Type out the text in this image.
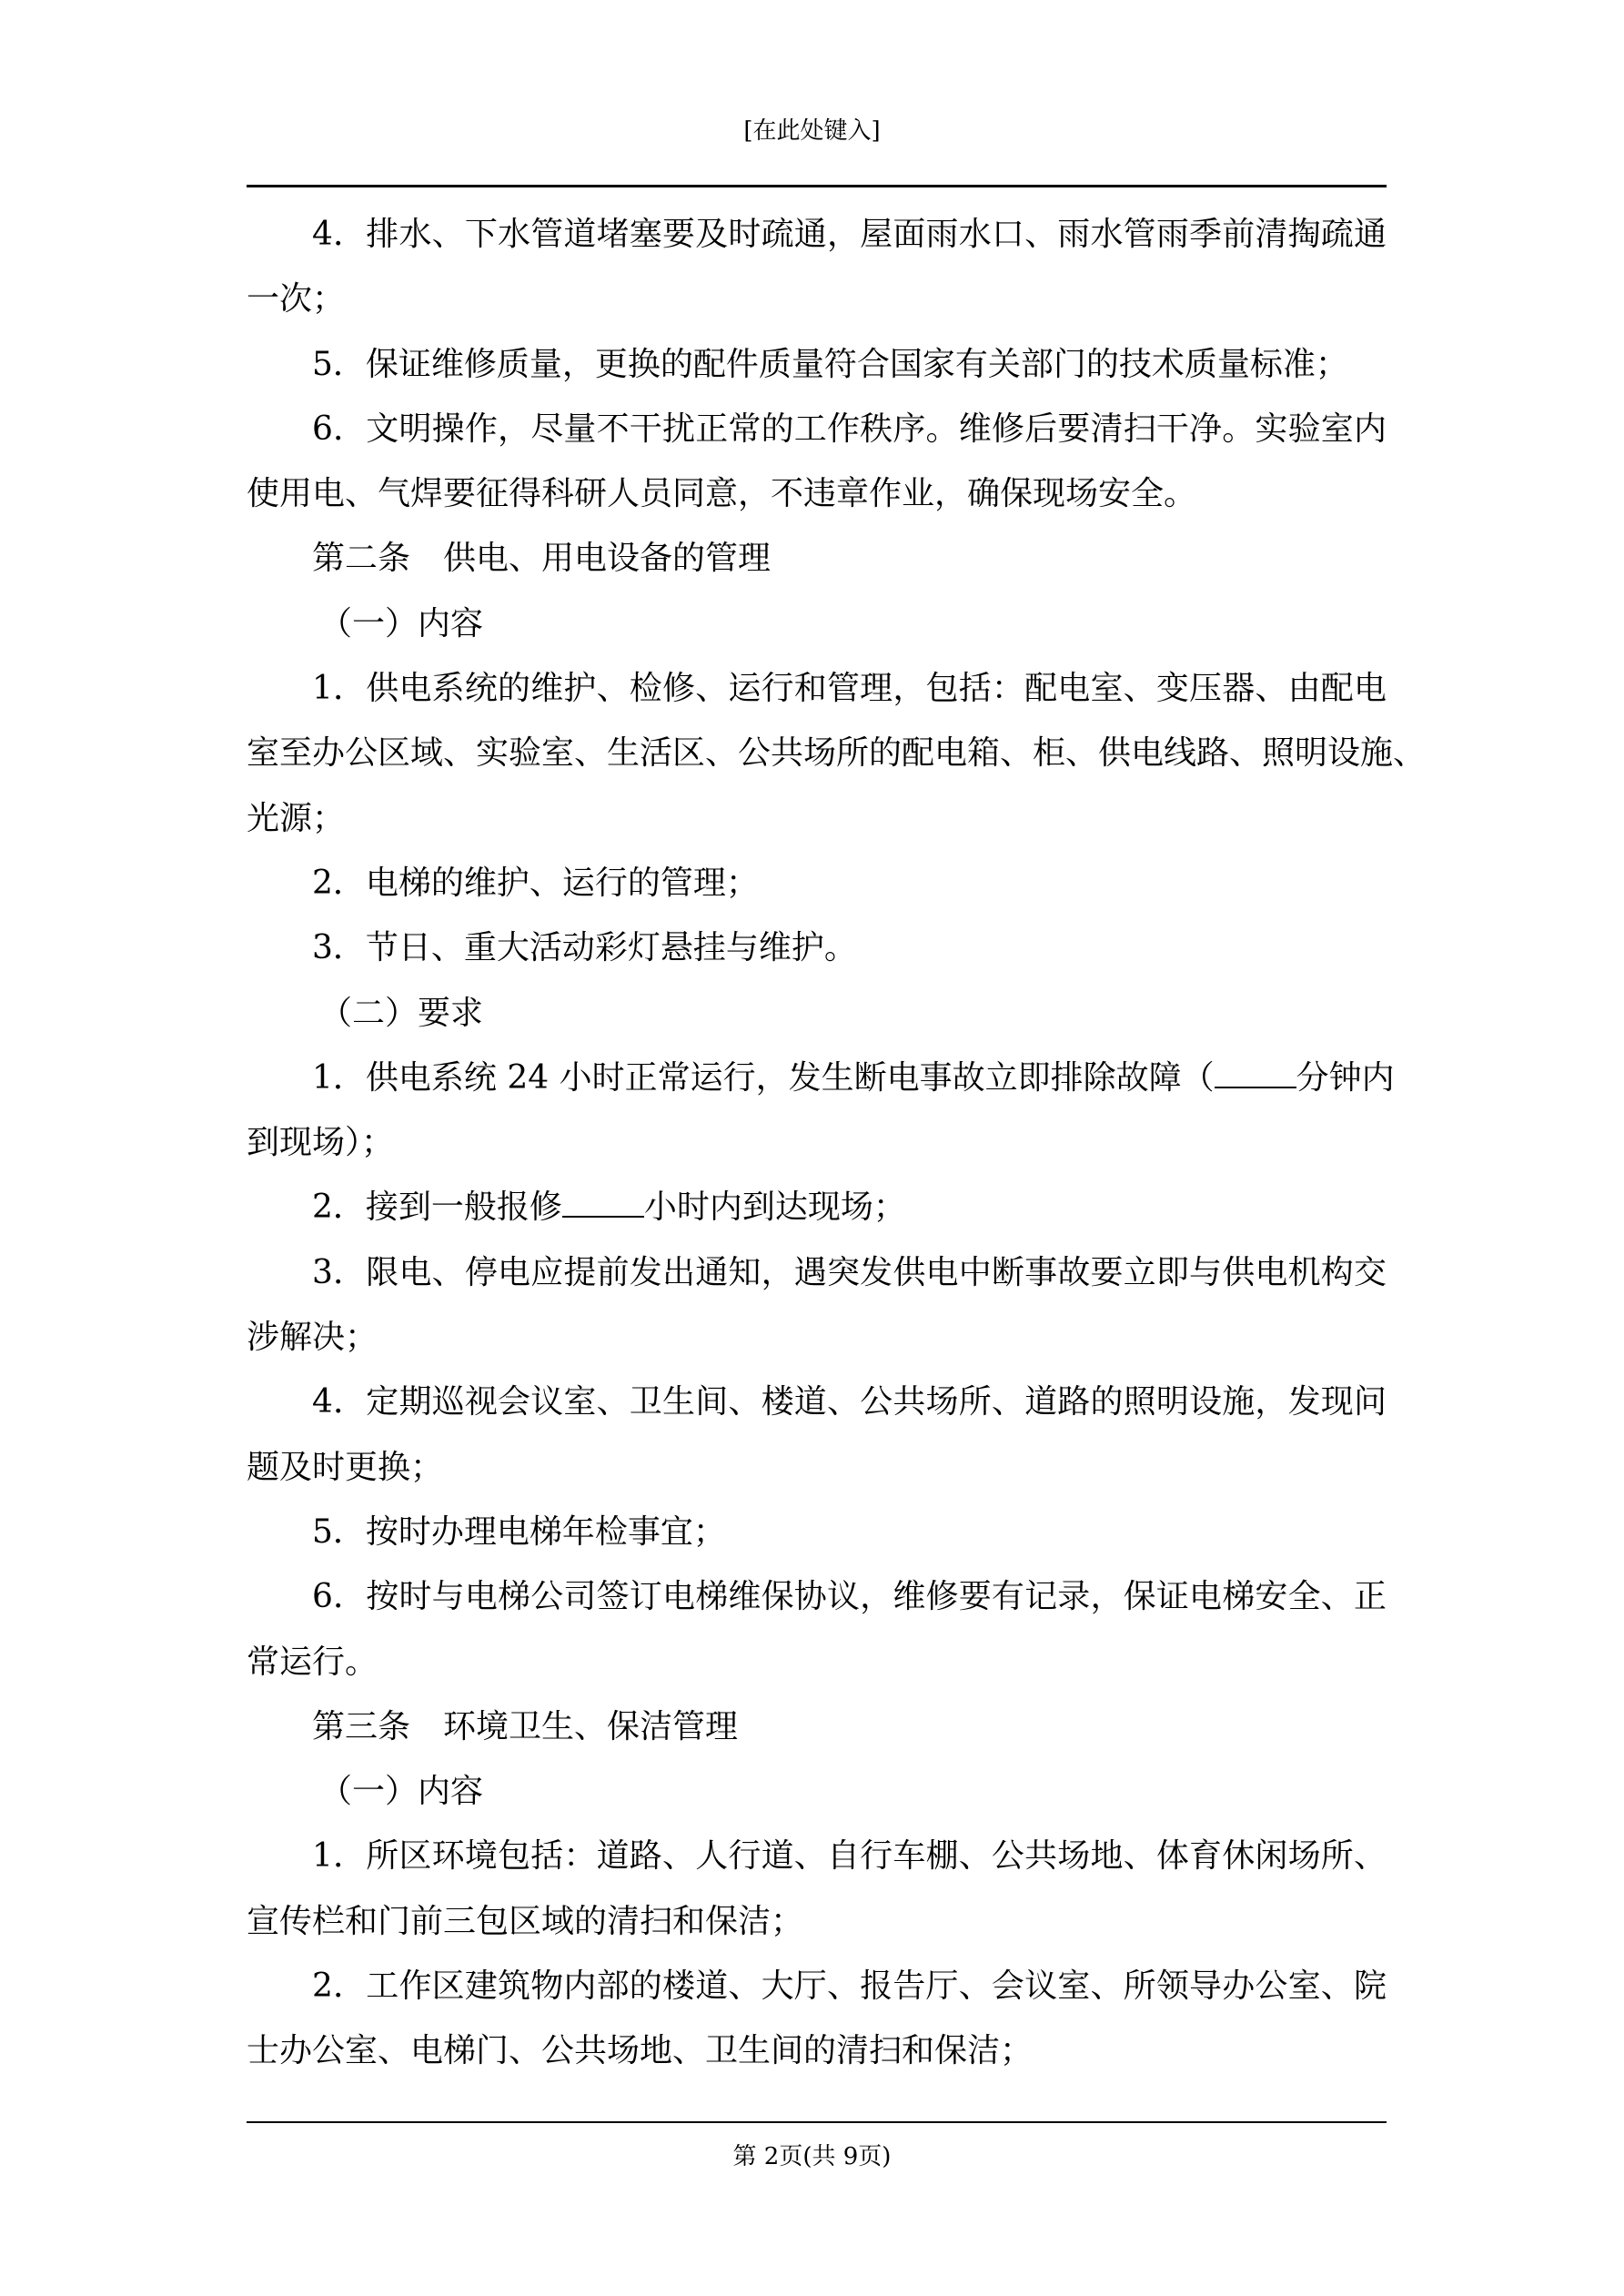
[在此处键入]
4．排水、下水管道堵塞要及时疏通，屋面雨水口、雨水管雨季前清掏疏通
一次；
5．保证维修质量，更换的配件质量符合国家有关部门的技术质量标准；
6．文明操作，尽量不干扰正常的工作秩序。维修后要清扫干净。实验室内
使用电、气焊要征得科研人员同意，不违章作业，确保现场安全。
第二条　供电、用电设备的管理
（一）内容
1．供电系统的维护、检修、运行和管理，包括：配电室、变压器、由配电
室至办公区域、实验室、生活区、公共场所的配电箱、柜、供电线路、照明设施、
光源；
2．电梯的维护、运行的管理；
3．节日、重大活动彩灯悬挂与维护。
（二）要求
1．供电系统 24 小时正常运行，发生断电事故立即排除故障（	分钟内
到现场）；
2．接到一般报修	小时内到达现场；
3．限电、停电应提前发出通知，遇突发供电中断事故要立即与供电机构交
涉解决；
4．定期巡视会议室、卫生间、楼道、公共场所、道路的照明设施，发现问
题及时更换；
5．按时办理电梯年检事宜；
6．按时与电梯公司签订电梯维保协议，维修要有记录，保证电梯安全、正
常运行。
第三条　环境卫生、保洁管理
（一）内容
1．所区环境包括：道路、人行道、自行车棚、公共场地、体育休闲场所、
宣传栏和门前三包区域的清扫和保洁；
2．工作区建筑物内部的楼道、大厅、报告厅、会议室、所领导办公室、院
士办公室、电梯门、公共场地、卫生间的清扫和保洁；
第 2页(共 9页)
